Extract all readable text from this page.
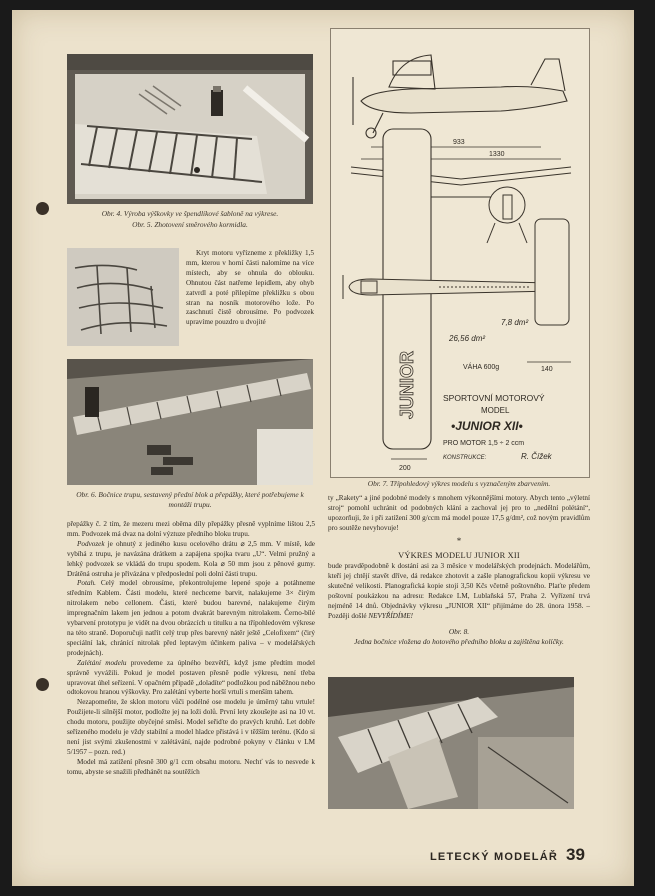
Obr. 4. Výroba výškovky ve špendlíkové šabloně na výkrese.
Obr. 5. Zhotovení směrového kormidla.

Kryt motoru vyřízneme z překližky 1,5 mm, kterou v horní části nalomíme na více místech, aby se ohnula do oblouku. Ohnutou část natřeme lepidlem, aby ohyb zatvrdl a poté přilepíme překližku s obou stran na nosník motorového lože. Po zaschnutí čistě obrousíme. Po podvozek upravíme pouzdro u dvojité

Obr. 6. Bočnice trupu, sestavený přední blok a přepážky, které potřebujeme k montáži trupu.
933
1330
JUNIOR	140
200
7,8 dm²
26,56 dm²
VÁHA 600g
SPORTOVNÍ MOTOROVÝ
MODEL
•JUNIOR XII•
PRO MOTOR 1,5 ÷ 2 ccm
KONSTRUKCE:	R. Čížek
Obr. 7. Třípohledový výkres modelu s vyznačeným zbarvením.

přepážky č. 2 tím, že mezeru mezi oběma díly přepážky přesně vyplníme lištou 2,5 mm. Podvozek má dvaz na dolní výztuze předního bloku trupu.

Podvozek je ohnutý z jediného kusu ocelového drátu ⌀ 2,5 mm. V místě, kde vybíhá z trupu, je navázána drátkem a zapájena spojka tvaru „U“. Velmi pružný a lehký podvozek se vkládá do trupu spodem. Kola ⌀ 50 mm jsou z pěnové gumy. Drátěná ostruha je přivázána v předposlední poli dolní části trupu.

Potah. Celý model obrousíme, překontrolujeme lepené spoje a potáhneme středním Kablem. Části modelu, které nechceme barvit, nalakujeme 3× čirým nitrolakem nebo cellonem. Části, které budou barevné, nalakujeme čirým impregnačním lakem jen jednou a potom dvakrát barevným nitrolakem. Černo-bílé vybarvení prototypu je vidět na dvou obrázcích u titulku a na třípohledovém výkrese na této straně. Doporučuji natřít celý trup přes barevný nátěr ještě „Celofixem“ (čirý speciální lak, chránící nitrolak před leptavým účinkem paliva – v modelářských prodejnách).

Zalétání modelu provedeme za úplného bezvětří, když jsme předtím model správně vyvážili. Pokud je model postaven přesně podle výkresu, není třeba upravovat úhel seřízení. V opačném případě „doladíte“ podložkou pod náběžnou nebo odtokovou hranou výškovky. Pro zalétání vyberte horší vrtuli s menším tahem.

Nezapomeňte, že sklon motoru vůči podélné ose modelu je úměrný tahu vrtule! Použijete-li silnější motor, podložte jej na loži dolů. První lety zkoušejte asi na 10 vt. chodu motoru, použijte obyčejné směsi. Model seřiďte do pravých kruhů. Let dobře seřízeného modelu je vždy stabilní a model hladce přistává i v těžším terénu. (Kdo si není jist svými zkušenostmi v zalétávání, najde podrobné pokyny v článku v LM 5/1957 – pozn. red.)

Model má zatížení přesně 300 g/1 ccm obsahu motoru. Nechť vás to nesvede k tomu, abyste se snažili předhánět na soutěžích

ty „Rakety“ a jiné podobné modely s mnohem výkonnějšími motory. Abych tento „výletní stroj“ pomohl uchránit od podobných klání a zachoval jej pro to „nedělní polétání“, upozorňuji, že i při zatížení 300 g/ccm má model pouze 17,5 g/dm², což novým pravidlům pro soutěže nevyhovuje!

*
VÝKRES MODELU JUNIOR XII

bude pravděpodobně k dostání asi za 3 měsíce v modelářských prodejnách. Modelářům, kteří jej chtějí stavět dříve, dá redakce zhotovit a zašle planografickou kopii výkresu ve skutečné velikosti. Planografická kopie stojí 3,50 Kčs včetně poštovného. Plaťte předem poštovní poukázkou na adresu: Redakce LM, Lublaňská 57, Praha 2. Vyřízení trvá nejméně 14 dnů. Objednávky výkresu „JUNIOR XII“ přijímáme do 28. února 1958. – Později došlé NEVYŘÍDÍME!

Obr. 8.
Jedna bočnice vložena do hotového předního bloku a zajištěna kolíčky.
LETECKÝ MODELÁŘ 39
